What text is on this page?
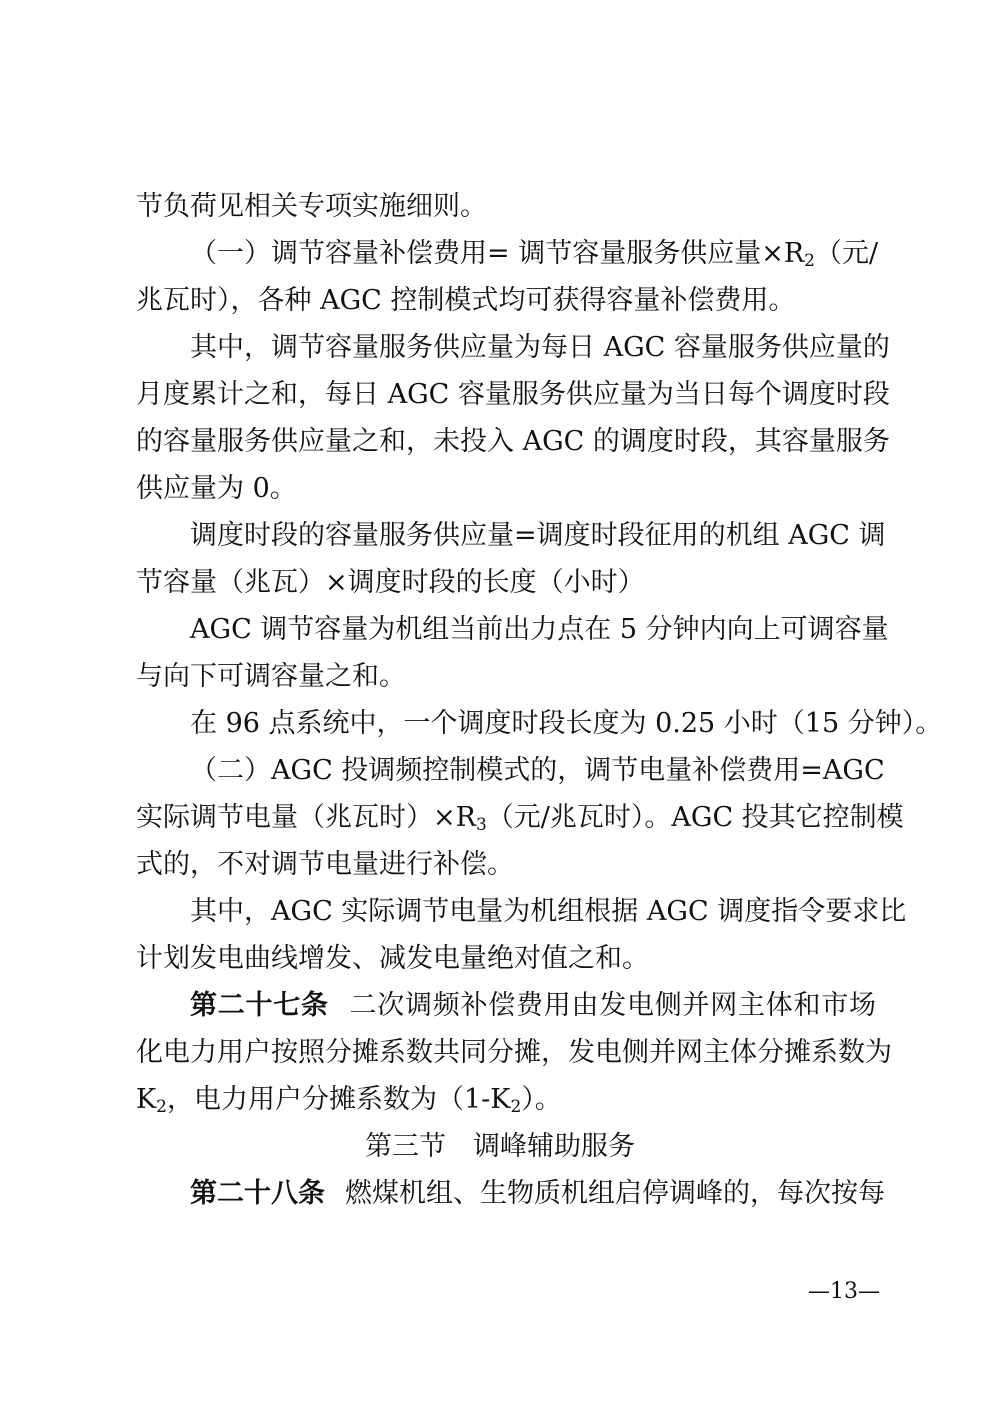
节负荷见相关专项实施细则。
（一）调节容量补偿费用= 调节容量服务供应量$\times R_2$（元/
兆瓦时），各种 AGC 控制模式均可获得容量补偿费用。
其中，调节容量服务供应量为每日 AGC 容量服务供应量的
月度累计之和，每日 AGC 容量服务供应量为当日每个调度时段
的容量服务供应量之和，未投入 AGC 的调度时段，其容量服务
供应量为 0。
调度时段的容量服务供应量=调度时段征用的机组 AGC 调
节容量（兆瓦）×调度时段的长度（小时）
AGC 调节容量为机组当前出力点在 5 分钟内向上可调容量
与向下可调容量之和。
在 96 点系统中，一个调度时段长度为 0.25 小时（15 分钟）。
（二）AGC 投调频控制模式的，调节电量补偿费用=AGC
实际调节电量（兆瓦时）$\times R_3$（元/兆瓦时）。AGC 投其它控制模
式的，不对调节电量进行补偿。
其中，AGC 实际调节电量为机组根据 AGC 调度指令要求比
计划发电曲线增发、减发电量绝对值之和。
第二十七条 二次调频补偿费用由发电侧并网主体和市场
化电力用户按照分摊系数共同分摊，发电侧并网主体分摊系数为
$K_2$，电力用户分摊系数为$(1-K_2)$。
第三节　调峰辅助服务
第二十八条 燃煤机组、生物质机组启停调峰的，每次按每
—13—
